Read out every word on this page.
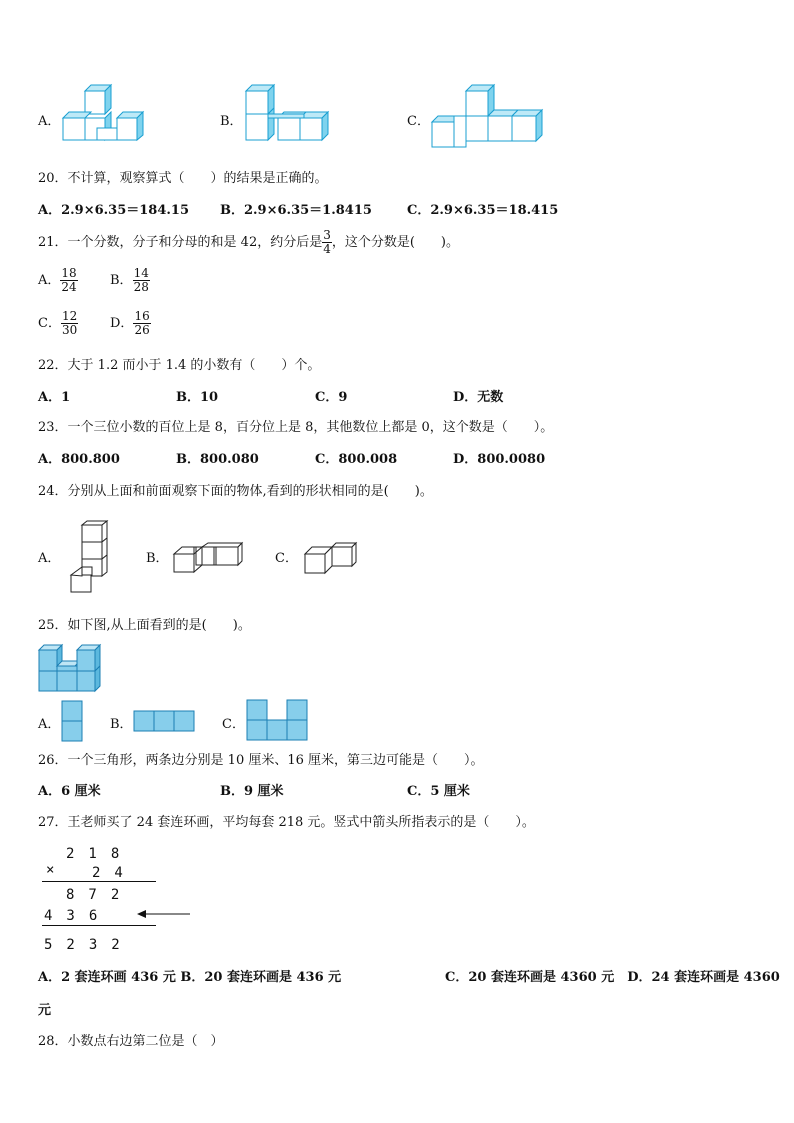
A．	B．	C．
20．不计算，观察算式（　　）的结果是正确的。
A．2.9×6.35＝184.15 B．2.9×6.35＝1.8415	C．2.9×6.35＝18.415
21．一个分数，分子和分母的和是 42，约分后是 $\frac{3}{4}$ ，这个分数是(　　)。
A． $\frac{18}{24}$ B． $\frac{14}{28}$
C． $\frac{12}{30}$ D． $\frac{16}{26}$
22．大于 1.2 而小于 1.4 的小数有（　　）个。
A．1	B．10	C．9	D．无数
23．一个三位小数的百位上是 8，百分位上是 8，其他数位上都是 0，这个数是（　　）。
A．800.800	B．800.080	C．800.008	D．800.0080
24．分别从上面和前面观察下面的物体,看到的形状相同的是(　　)。
A．	B．	C．
25．如下图,从上面看到的是(　　)。
A．	B．	C．
26．一个三角形，两条边分别是 10 厘米、16 厘米，第三边可能是（　　）。
A．6 厘米	B．9 厘米	C．5 厘米
27．王老师买了 24 套连环画，平均每套 218 元。竖式中箭头所指表示的是（　　）。
2　1　8
×	2　4
8　7　2
4　3　6
5　2　3　2
A．2 套连环画 436 元 B．20 套连环画是 436 元	C．20 套连环画是 4360 元　D．24 套连环画是 4360
元
28．小数点右边第二位是（　）
